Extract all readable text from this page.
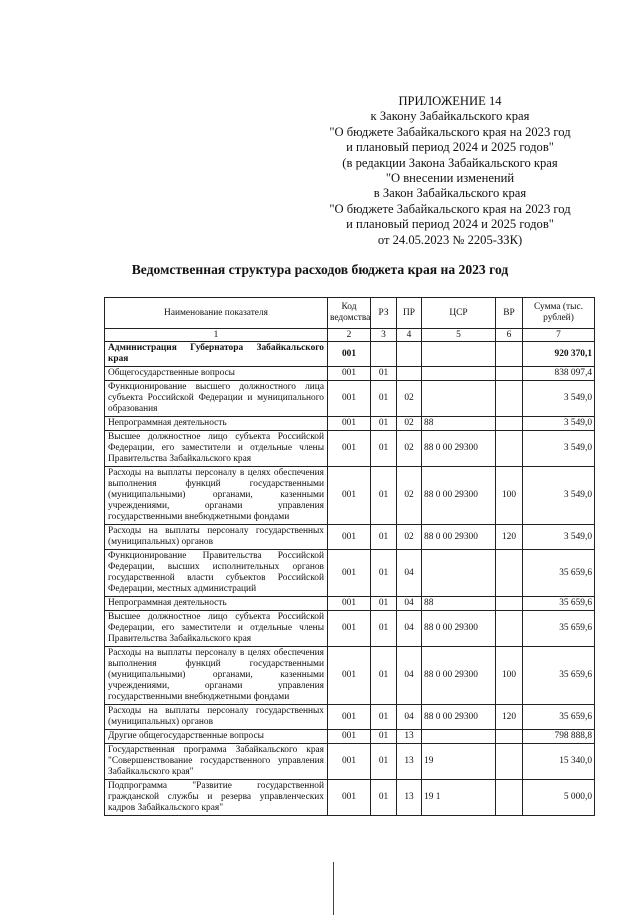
ПРИЛОЖЕНИЕ 14
к Закону Забайкальского края
"О бюджете Забайкальского края на 2023 год
и плановый период 2024 и 2025 годов"
(в редакции Закона Забайкальского края
"О внесении изменений
в Закон Забайкальского края
"О бюджете Забайкальского края на 2023 год
и плановый период 2024 и 2025 годов"
от 24.05.2023 № 2205-ЗЗК)
Ведомственная структура расходов бюджета края на 2023 год
Наименование показателя	Код ведомства	РЗ	ПР	ЦСР	ВР	Сумма (тыс. рублей)
1	2	3	4	5	6	7
Администрация Губернатора Забайкальского края	001					920 370,1
Общегосударственные вопросы	001	01				838 097,4
Функционирование высшего должностного лица субъекта Российской Федерации и муниципального образования	001	01	02			3 549,0
Непрограммная деятельность	001	01	02	88		3 549,0
Высшее должностное лицо субъекта Российской Федерации, его заместители и отдельные члены Правительства Забайкальского края	001	01	02	88 0 00 29300		3 549,0
Расходы на выплаты персоналу в целях обеспечения выполнения функций государственными (муниципальными) органами, казенными учреждениями, органами управления государственными внебюджетными фондами	001	01	02	88 0 00 29300	100	3 549,0
Расходы на выплаты персоналу государственных (муниципальных) органов	001	01	02	88 0 00 29300	120	3 549,0
Функционирование Правительства Российской Федерации, высших исполнительных органов государственной власти субъектов Российской Федерации, местных администраций	001	01	04			35 659,6
Непрограммная деятельность	001	01	04	88		35 659,6
Высшее должностное лицо субъекта Российской Федерации, его заместители и отдельные члены Правительства Забайкальского края	001	01	04	88 0 00 29300		35 659,6
Расходы на выплаты персоналу в целях обеспечения выполнения функций государственными (муниципальными) органами, казенными учреждениями, органами управления государственными внебюджетными фондами	001	01	04	88 0 00 29300	100	35 659,6
Расходы на выплаты персоналу государственных (муниципальных) органов	001	01	04	88 0 00 29300	120	35 659,6
Другие общегосударственные вопросы	001	01	13			798 888,8
Государственная программа Забайкальского края "Совершенствование государственного управления Забайкальского края"	001	01	13	19		15 340,0
Подпрограмма "Развитие государственной гражданской службы и резерва управленческих кадров Забайкальского края"	001	01	13	19 1		5 000,0
